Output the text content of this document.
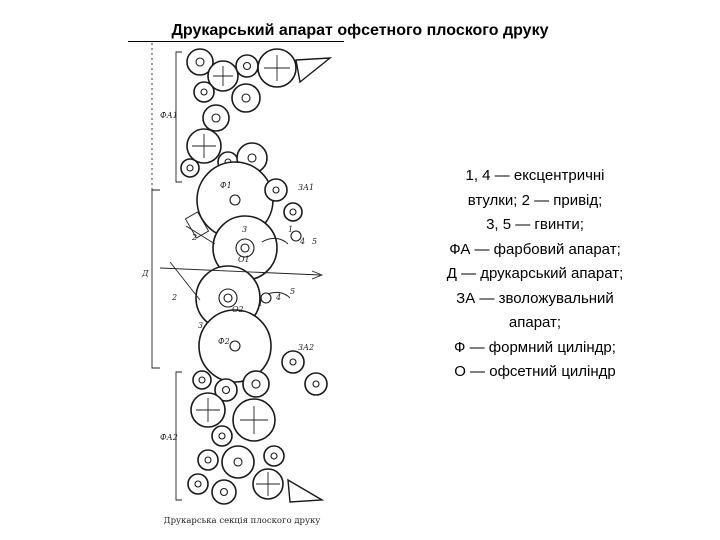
Друкарський апарат офсетного плоского друку
ФА1
ФА2
ЗА1
ЗА2
Д
Ф1
Ф2
O1
O2
1
2
3
4 5
1
2
3
4
5
Друкарська секція плоского друку
1, 4 — ексцентричні
втулки; 2 — привід;
3, 5 — гвинти;
ФА — фарбовий апарат;
Д — друкарський апарат;
ЗА — зволожувальний
апарат;
Ф — формний циліндр;
О — офсетний циліндр
